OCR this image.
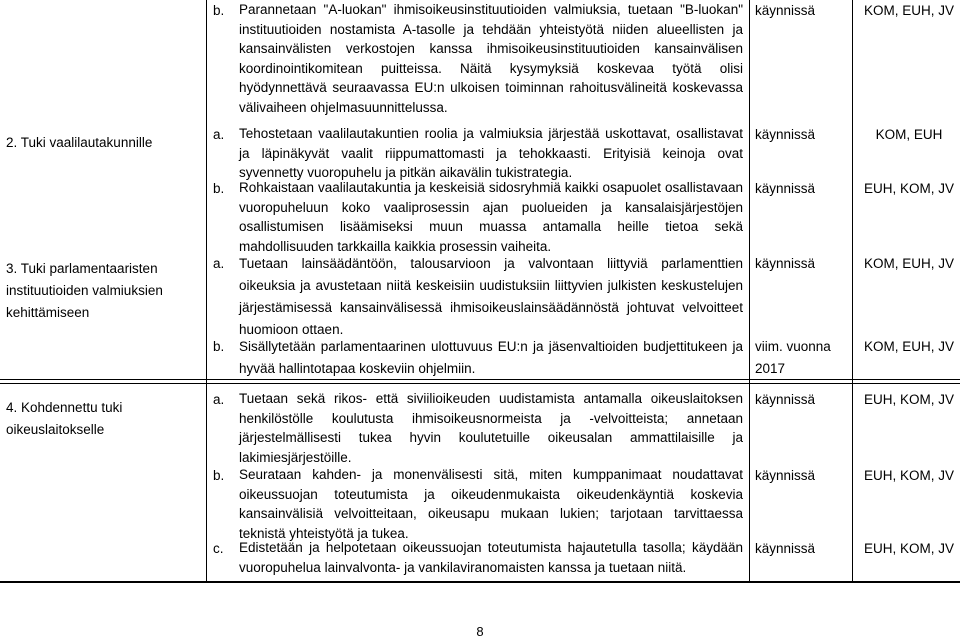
b. Parannetaan "A-luokan" ihmisoikeusinstituutioiden valmiuksia, tuetaan "B-luokan" instituutioiden nostamista A-tasolle ja tehdään yhteistyötä niiden alueellisten ja kansainvälisten verkostojen kanssa ihmisoikeusinstituutioiden kansainvälisen koordinointikomitean puitteissa. Näitä kysymyksiä koskevaa työtä olisi hyödynnettävä seuraavassa EU:n ulkoisen toiminnan rahoitusvälineitä koskevassa välivaiheen ohjelmasuunnittelussa.
käynnissä	KOM, EUH, JV
2. Tuki vaalilautakunnille
a. Tehostetaan vaalilautakuntien roolia ja valmiuksia järjestää uskottavat, osallistavat ja läpinäkyvät vaalit riippumattomasti ja tehokkaasti. Erityisiä keinoja ovat syvennetty vuoropuhelu ja pitkän aikavälin tukistrategia.
käynnissä	KOM, EUH
b. Rohkaistaan vaalilautakuntia ja keskeisiä sidosryhmiä kaikki osapuolet osallistavaan vuoropuheluun koko vaaliprosessin ajan puolueiden ja kansalaisjärjestöjen osallistumisen lisäämiseksi muun muassa antamalla heille tietoa sekä mahdollisuuden tarkkailla kaikkia prosessin vaiheita.
käynnissä	EUH, KOM, JV
3. Tuki parlamentaaristen instituutioiden valmiuksien kehittämiseen
a. Tuetaan lainsäädäntöön, talousarvioon ja valvontaan liittyviä parlamenttien oikeuksia ja avustetaan niitä keskeisiin uudistuksiin liittyvien julkisten keskustelujen järjestämisessä kansainvälisessä ihmisoikeuslainsäädännöstä johtuvat velvoitteet huomioon ottaen.
käynnissä	KOM, EUH, JV
b. Sisällytetään parlamentaarinen ulottuvuus EU:n ja jäsenvaltioiden budjettitukeen ja hyvää hallintotapaa koskeviin ohjelmiin.
viim. vuonna 2017
KOM, EUH, JV
4. Kohdennettu tuki oikeuslaitokselle
a. Tuetaan sekä rikos- että siviilioikeuden uudistamista antamalla oikeuslaitoksen henkilöstölle koulutusta ihmisoikeusnormeista ja -velvoitteista; annetaan järjestelmällisesti tukea hyvin koulutetuille oikeusalan ammattilaisille ja lakimiesjärjestöille.
käynnissä	EUH, KOM, JV
b. Seurataan kahden- ja monenvälisesti sitä, miten kumppanimaat noudattavat oikeussuojan toteutumista ja oikeudenmukaista oikeudenkäyntiä koskevia kansainvälisiä velvoitteitaan, oikeusapu mukaan lukien; tarjotaan tarvittaessa teknistä yhteistyötä ja tukea.
käynnissä	EUH, KOM, JV
c. Edistetään ja helpotetaan oikeussuojan toteutumista hajautetulla tasolla; käydään vuoropuhelua lainvalvonta- ja vankilaviranomaisten kanssa ja tuetaan niitä.
käynnissä	EUH, KOM, JV
8
